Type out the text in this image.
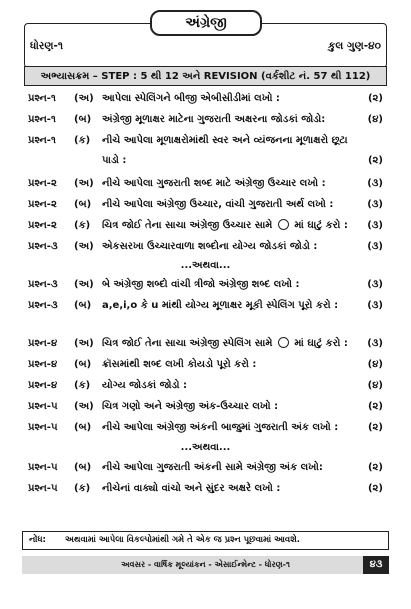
અંગ્રેજી
ધોરણ-૧	કુલ ગુણ-૪૦
અભ્યાસક્રમ – STEP : 5 થી 12 અને REVISION (વર્કશીટ નં. 57 થી 112)
પ્રશ્ન-૧ (અ) આપેલા સ્પેલિંગને બીજી એબીસીડીમાં લખો :	(૨)
પ્રશ્ન-૧ (બ) અંગ્રેજી મૂળાક્ષર માટેના ગુજરાતી અક્ષરના જોડકાં જોડો:	(૪)
પ્રશ્ન-૧ (ક) નીચે આપેલા મૂળાક્ષરોમાંથી સ્વર અને વ્યંજનના મૂળાક્ષરો છૂટા
પાડો :	(૨)
પ્રશ્ન-૨ (અ) નીચે આપેલા ગુજરાતી શબ્દ માટે અંગ્રેજી ઉચ્ચાર લખો :	(૩)
પ્રશ્ન-૨ (બ) નીચે આપેલા અંગ્રેજી ઉચ્ચાર, વાંચી ગુજરાતી અર્થ લખો :	(૩)
પ્રશ્ન-૨ (ક) ચિત્ર જોઈ તેના સાચા અંગ્રેજી ઉચ્ચાર સામે માં ઘાટું કરો : (૩)
પ્રશ્ન-૩ (અ) એકસરખા ઉચ્ચારવાળા શબ્દોના યોગ્ય જોડકાં જોડો :	(૩)
...અથવા...
પ્રશ્ન-૩ (અ) બે અંગ્રેજી શબ્દો વાંચી ત્રીજો અંગ્રેજી શબ્દ લખો :	(૩)
પ્રશ્ન-૩ (બ) a,e,i,o કે u માંથી યોગ્ય મૂળાક્ષર મૂકી સ્પેલિંગ પૂરો કરો :	(૩)
પ્રશ્ન-૪ (અ) ચિત્ર જોઈ તેના સાચા અંગ્રેજી સ્પેલિંગ સામે માં ઘાટું કરો : (૩)
પ્રશ્ન-૪ (બ) ક્રૉસમાંથી શબ્દ લખી કોયડો પૂરો કરો :	(૪)
પ્રશ્ન-૪ (ક) યોગ્ય જોડકાં જોડો :	(૪)
પ્રશ્ન-૫ (અ) ચિત્ર ગણો અને અંગ્રેજી અંક-ઉચ્ચાર લખો :	(૨)
પ્રશ્ન-૫ (બ) નીચે આપેલા અંગ્રેજી અંકની બાજુમાં ગુજરાતી અંક લખો :	(૨)
...અથવા...
પ્રશ્ન-૫ (બ) નીચે આપેલા ગુજરાતી અંકની સામે અંગ્રેજી અંક લખો:	(૨)
પ્રશ્ન-૫ (ક) નીચેનાં વાક્યો વાંચો અને સુંદર અક્ષરે લખો :	(૨)
નોંધ: અથવામાં આપેલા વિકલ્પોમાંથી ગમે તે એક જ પ્રશ્ન પૂછવામાં આવશે.
અવસર - વાર્ષિક મૂલ્યાંકન - એસાઈન્મેન્ટ - ધોરણ-૧	૪૩
